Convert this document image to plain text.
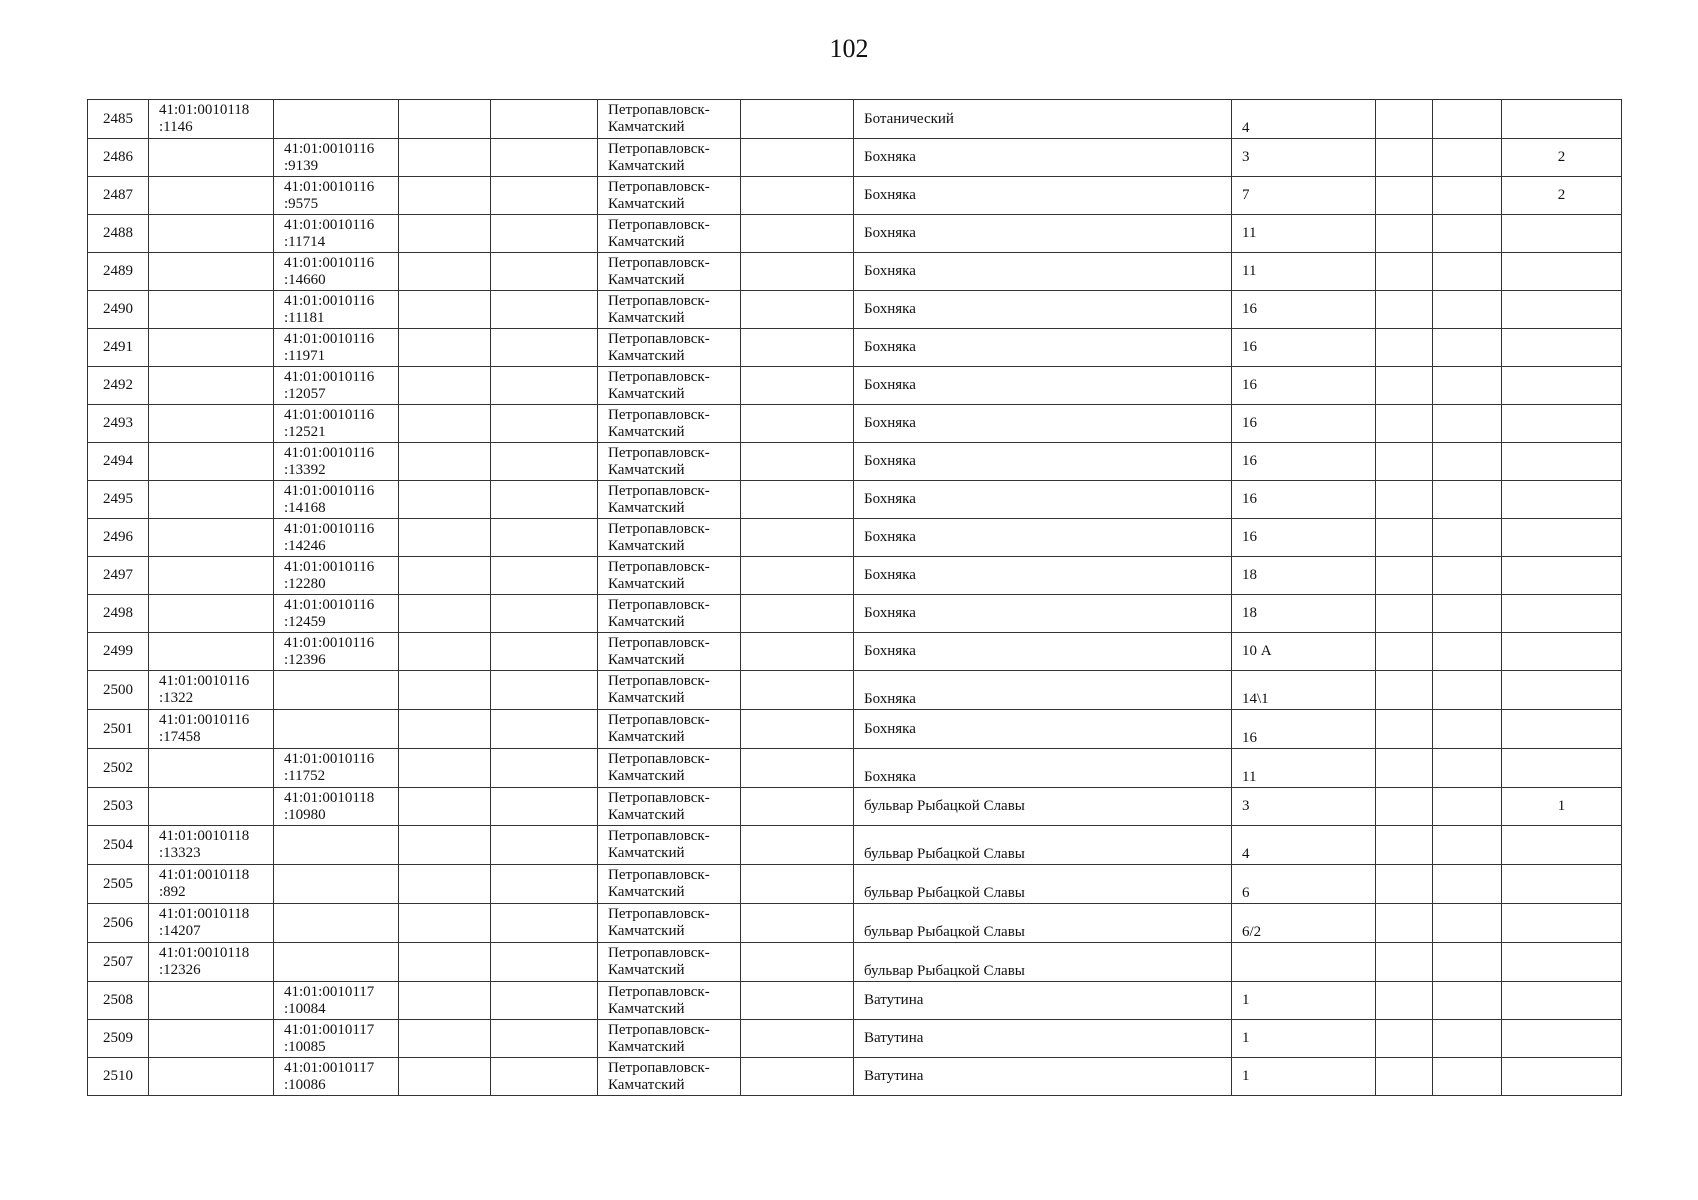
102
2485	41:01:0010118
:1146				Петропавловск-
Камчатский		Ботанический	4			
2486		41:01:0010116
:9139			Петропавловск-
Камчатский		Бохняка	3			2
2487		41:01:0010116
:9575			Петропавловск-
Камчатский		Бохняка	7			2
2488		41:01:0010116
:11714			Петропавловск-
Камчатский		Бохняка	11			
2489		41:01:0010116
:14660			Петропавловск-
Камчатский		Бохняка	11			
2490		41:01:0010116
:11181			Петропавловск-
Камчатский		Бохняка	16			
2491		41:01:0010116
:11971			Петропавловск-
Камчатский		Бохняка	16			
2492		41:01:0010116
:12057			Петропавловск-
Камчатский		Бохняка	16			
2493		41:01:0010116
:12521			Петропавловск-
Камчатский		Бохняка	16			
2494		41:01:0010116
:13392			Петропавловск-
Камчатский		Бохняка	16			
2495		41:01:0010116
:14168			Петропавловск-
Камчатский		Бохняка	16			
2496		41:01:0010116
:14246			Петропавловск-
Камчатский		Бохняка	16			
2497		41:01:0010116
:12280			Петропавловск-
Камчатский		Бохняка	18			
2498		41:01:0010116
:12459			Петропавловск-
Камчатский		Бохняка	18			
2499		41:01:0010116
:12396			Петропавловск-
Камчатский		Бохняка	10 А			
2500	41:01:0010116
:1322				Петропавловск-
Камчатский		Бохняка	14\1			
2501	41:01:0010116
:17458				Петропавловск-
Камчатский		Бохняка	16			
2502		41:01:0010116
:11752			Петропавловск-
Камчатский		Бохняка	11			
2503		41:01:0010118
:10980			Петропавловск-
Камчатский		бульвар Рыбацкой Славы	3			1
2504	41:01:0010118
:13323				Петропавловск-
Камчатский		бульвар Рыбацкой Славы	4			
2505	41:01:0010118
:892				Петропавловск-
Камчатский		бульвар Рыбацкой Славы	6			
2506	41:01:0010118
:14207				Петропавловск-
Камчатский		бульвар Рыбацкой Славы	6/2			
2507	41:01:0010118
:12326				Петропавловск-
Камчатский		бульвар Рыбацкой Славы				
2508		41:01:0010117
:10084			Петропавловск-
Камчатский		Ватутина	1			
2509		41:01:0010117
:10085			Петропавловск-
Камчатский		Ватутина	1			
2510		41:01:0010117
:10086			Петропавловск-
Камчатский		Ватутина	1			
